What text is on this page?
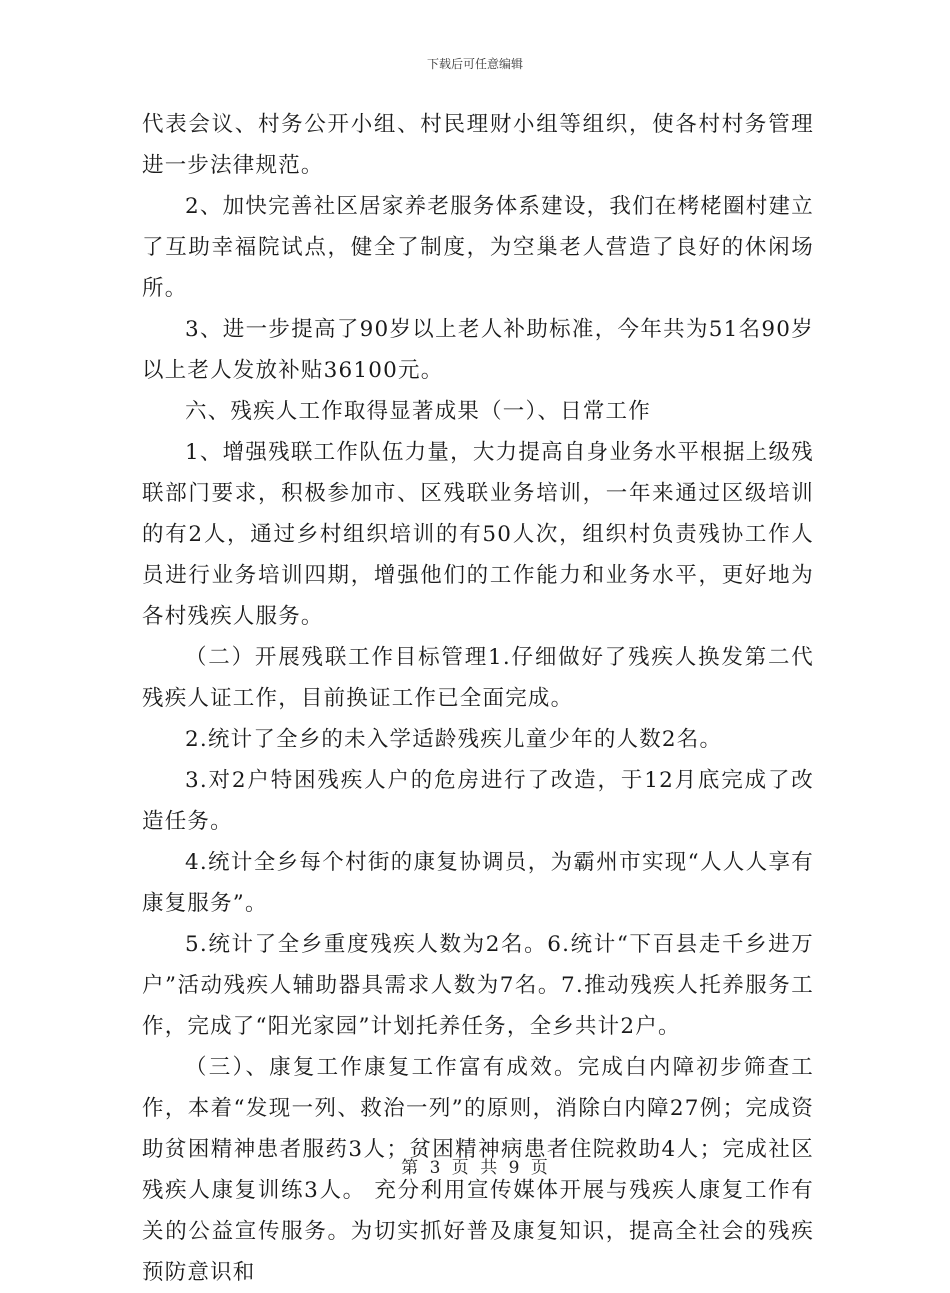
下载后可任意编辑

代表会议、村务公开小组、村民理财小组等组织，使各村村务管理进一步法律规范。

2、加快完善社区居家养老服务体系建设，我们在栲栳圈村建立了互助幸福院试点，健全了制度，为空巢老人营造了良好的休闲场所。

3、进一步提高了90岁以上老人补助标准，今年共为51名90岁以上老人发放补贴36100元。

六、残疾人工作取得显著成果（一）、日常工作

1、增强残联工作队伍力量，大力提高自身业务水平根据上级残联部门要求，积极参加市、区残联业务培训，一年来通过区级培训的有2人，通过乡村组织培训的有50人次，组织村负责残协工作人员进行业务培训四期，增强他们的工作能力和业务水平，更好地为各村残疾人服务。

（二）开展残联工作目标管理1.仔细做好了残疾人换发第二代残疾人证工作，目前换证工作已全面完成。

2.统计了全乡的未入学适龄残疾儿童少年的人数2名。

3.对2户特困残疾人户的危房进行了改造，于12月底完成了改造任务。

4.统计全乡每个村街的康复协调员，为霸州市实现“人人人享有康复服务”。

5.统计了全乡重度残疾人数为2名。6.统计“下百县走千乡进万户”活动残疾人辅助器具需求人数为7名。7.推动残疾人托养服务工作，完成了“阳光家园”计划托养任务，全乡共计2户。

（三）、康复工作康复工作富有成效。完成白内障初步筛查工作，本着“发现一列、救治一列”的原则，消除白内障27例；完成资助贫困精神患者服药3人；贫困精神病患者住院救助4人；完成社区残疾人康复训练3人。 充分利用宣传媒体开展与残疾人康复工作有关的公益宣传服务。为切实抓好普及康复知识，提高全社会的残疾预防意识和

第 3 页 共 9 页
